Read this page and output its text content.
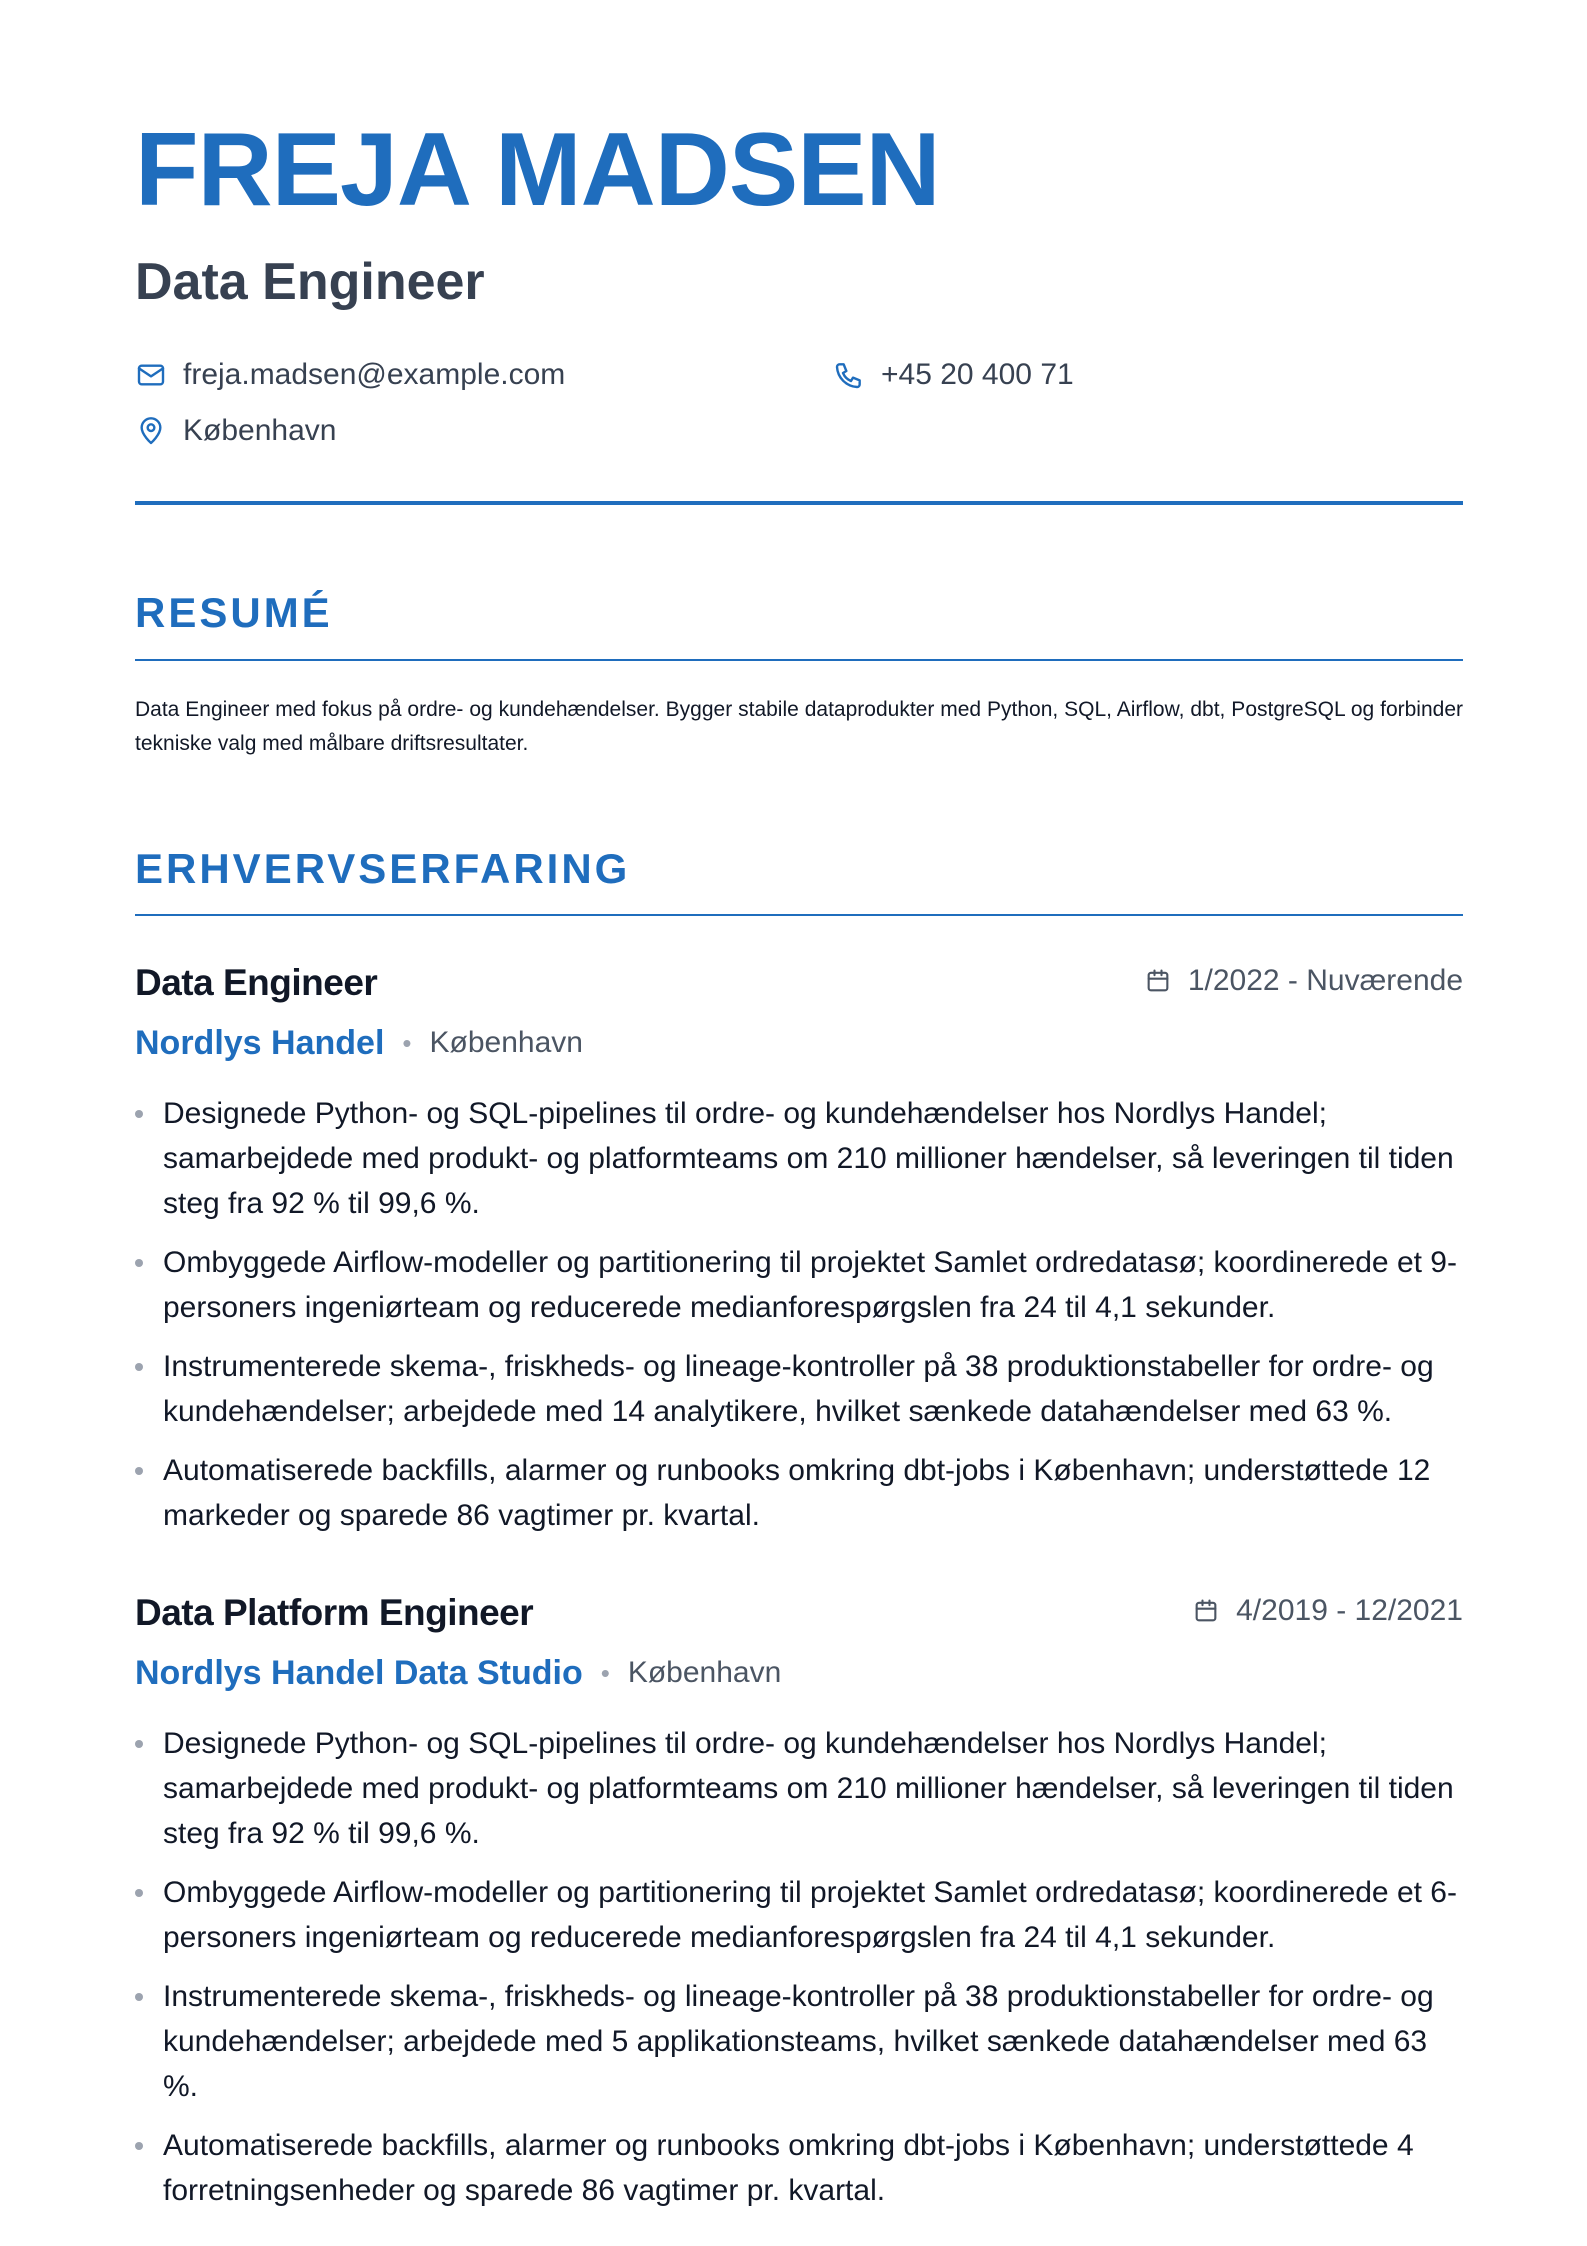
FREJA MADSEN
Data Engineer
freja.madsen@example.com	+45 20 400 71
København
RESUMÉ
Data Engineer med fokus på ordre- og kundehændelser. Bygger stabile dataprodukter med Python, SQL, Airflow, dbt, PostgreSQL og forbinder tekniske valg med målbare driftsresultater.
ERHVERVSERFARING
Data Engineer	1/2022 - Nuværende
Nordlys Handel • København
Designede Python- og SQL-pipelines til ordre- og kundehændelser hos Nordlys Handel; samarbejdede med produkt- og platformteams om 210 millioner hændelser, så leveringen til tiden steg fra 92 % til 99,6 %.
Ombyggede Airflow-modeller og partitionering til projektet Samlet ordredatasø; koordinerede et 9-personers ingeniørteam og reducerede medianforespørgslen fra 24 til 4,1 sekunder.
Instrumenterede skema-, friskheds- og lineage-kontroller på 38 produktionstabeller for ordre- og kundehændelser; arbejdede med 14 analytikere, hvilket sænkede datahændelser med 63 %.
Automatiserede backfills, alarmer og runbooks omkring dbt-jobs i København; understøttede 12 markeder og sparede 86 vagtimer pr. kvartal.
Data Platform Engineer	4/2019 - 12/2021
Nordlys Handel Data Studio • København
Designede Python- og SQL-pipelines til ordre- og kundehændelser hos Nordlys Handel; samarbejdede med produkt- og platformteams om 210 millioner hændelser, så leveringen til tiden steg fra 92 % til 99,6 %.
Ombyggede Airflow-modeller og partitionering til projektet Samlet ordredatasø; koordinerede et 6-personers ingeniørteam og reducerede medianforespørgslen fra 24 til 4,1 sekunder.
Instrumenterede skema-, friskheds- og lineage-kontroller på 38 produktionstabeller for ordre- og kundehændelser; arbejdede med 5 applikationsteams, hvilket sænkede datahændelser med 63 %.
Automatiserede backfills, alarmer og runbooks omkring dbt-jobs i København; understøttede 4 forretningsenheder og sparede 86 vagtimer pr. kvartal.
